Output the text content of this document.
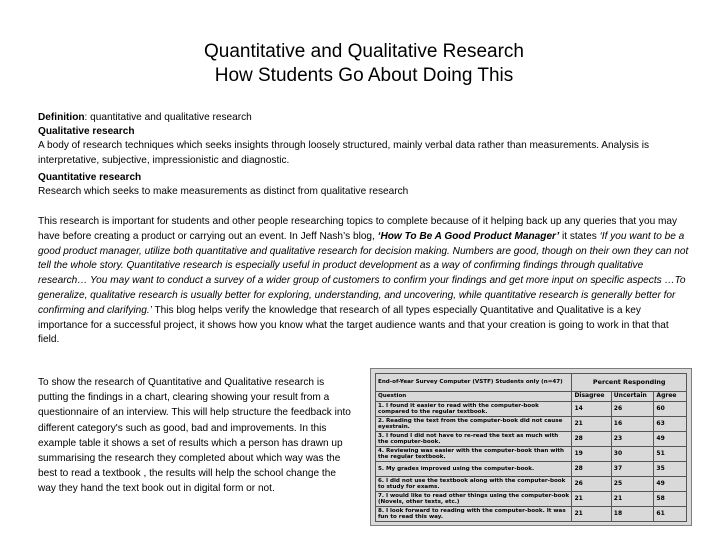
Quantitative and Qualitative Research
How Students Go About Doing This

Definition: quantitative and qualitative research

Qualitative research

A body of research techniques which seeks insights through loosely structured, mainly verbal data rather than measurements. Analysis is interpretative, subjective, impressionistic and diagnostic.

Quantitative research

Research which seeks to make measurements as distinct from qualitative research

This research is important for students and other people researching topics to complete because of it helping back up any queries that you may have before creating a product or carrying out an event. In Jeff Nash’s blog, ‘How To Be A Good Product Manager’ it states ‘If you want to be a good product manager, utilize both quantitative and qualitative research for decision making. Numbers are good, though on their own they can not tell the whole story. Quantitative research is especially useful in product development as a way of confirming findings through qualitative research… You may want to conduct a survey of a wider group of customers to confirm your findings and get more input on specific aspects …To generalize, qualitative research is usually better for exploring, understanding, and uncovering, while quantitative research is generally better for confirming and clarifying.’ This blog helps verify the knowledge that research of all types especially Quantitative and Qualitative is a key importance for a successful project, it shows how you know what the target audience wants and that your creation is going to work in that that field.

To show the research of Quantitative and Qualitative research is putting the findings in a chart, clearing showing your result from a questionnaire of an interview. This will help structure the feedback into different category's such as good, bad and improvements. In this example table it shows a set of results which a person has drawn up summarising the research they completed about which way was the best to read a textbook , the results will help the school change the way they hand the text book out in digital form or not.

End-of-Year Survey Computer (VSTF) Students only (n=47)	Percent Responding		
Question	Disagree	Uncertain	Agree
1. I found it easier to read with the computer-book compared to the regular textbook.	14	26	60
2. Reading the text from the computer-book did not cause eyestrain.	21	16	63
3. I found I did not have to re-read the text as much with the computer-book.	28	23	49
4. Reviewing was easier with the computer-book than with the regular textbook.	19	30	51
5. My grades improved using the computer-book.	28	37	35
6. I did not use the textbook along with the computer-book to study for exams.	26	25	49
7. I would like to read other things using the computer-book (Novels, other texts, etc.)	21	21	58
8. I look forward to reading with the computer-book. It was fun to read this way.	21	18	61
